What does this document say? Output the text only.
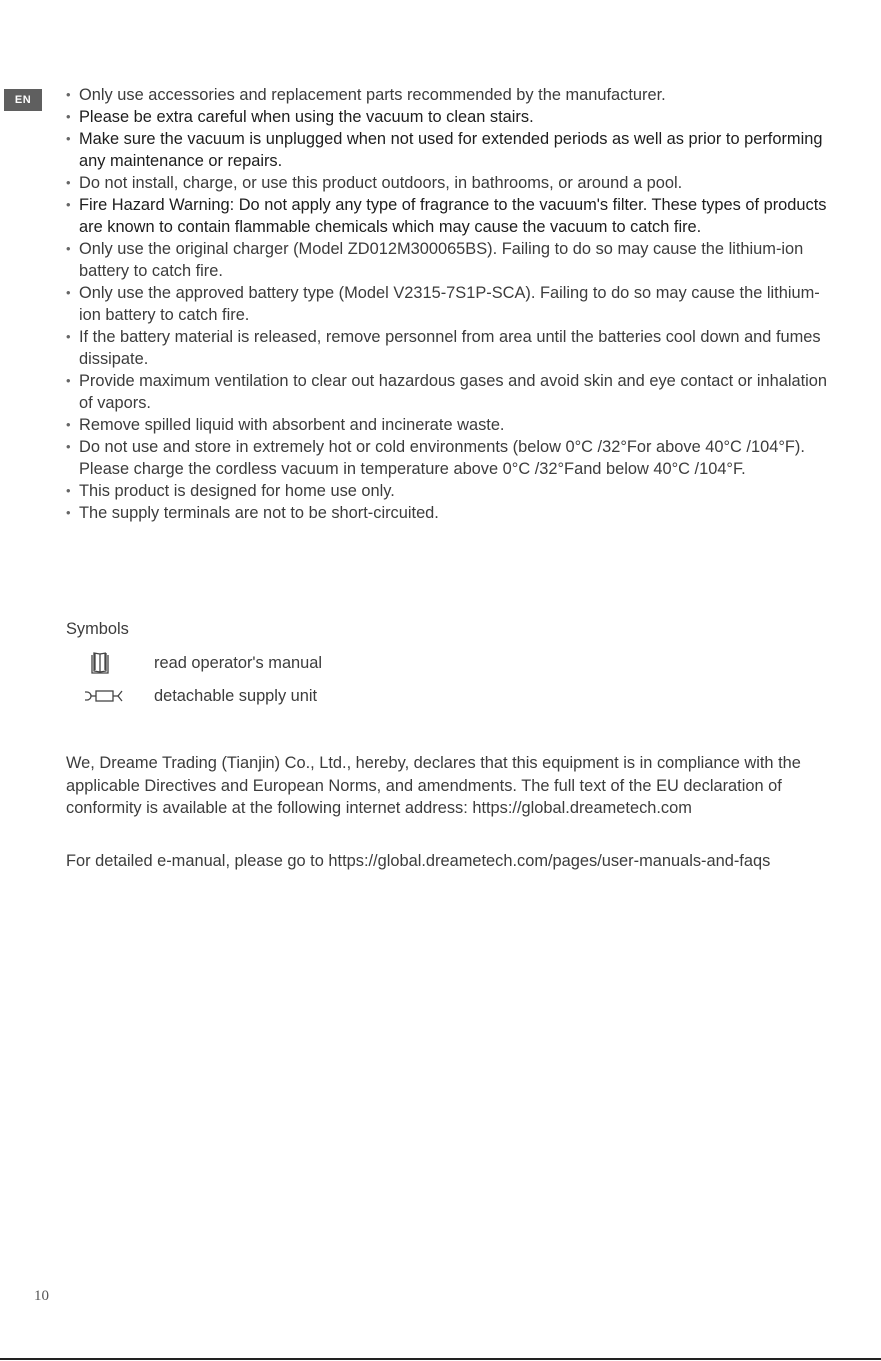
EN
•	Only use accessories and replacement parts recommended by the manufacturer.
• Please be extra careful when using the vacuum to clean stairs.
• Make sure the vacuum is unplugged when not used for extended periods as well as prior to performing any maintenance or repairs.
• Do not install, charge, or use this product outdoors, in bathrooms, or around a pool.
• Fire Hazard Warning: Do not apply any type of fragrance to the vacuum's filter. These types of products are known to contain flammable chemicals which may cause the vacuum to catch fire.
• Only use the original charger (Model ZD012M300065BS). Failing to do so may cause the lithium-ion battery to catch fire.
• Only use the approved battery type (Model V2315-7S1P-SCA). Failing to do so may cause the lithium-ion battery to catch fire.
• If the battery material is released, remove personnel from area until the batteries cool down and fumes dissipate.
• Provide maximum ventilation to clear out hazardous gases and avoid skin and eye contact or inhalation of vapors.
• Remove spilled liquid with absorbent and incinerate waste.
• Do not use and store in extremely hot or cold environments (below 0°C /32°For above 40°C /104°F). Please charge the cordless vacuum in temperature above 0°C /32°Fand below 40°C /104°F.
• This product is designed for home use only.
• The supply terminals are not to be short-circuited.
Symbols
read operator's manual
detachable supply unit

We, Dreame Trading (Tianjin) Co., Ltd., hereby, declares that this equipment is in compliance with the applicable Directives and European Norms, and amendments. The full text of the EU declaration of conformity is available at the following internet address: https://global.dreametech.com

For detailed e-manual, please go to https://global.dreametech.com/pages/user-manuals-and-faqs

10
